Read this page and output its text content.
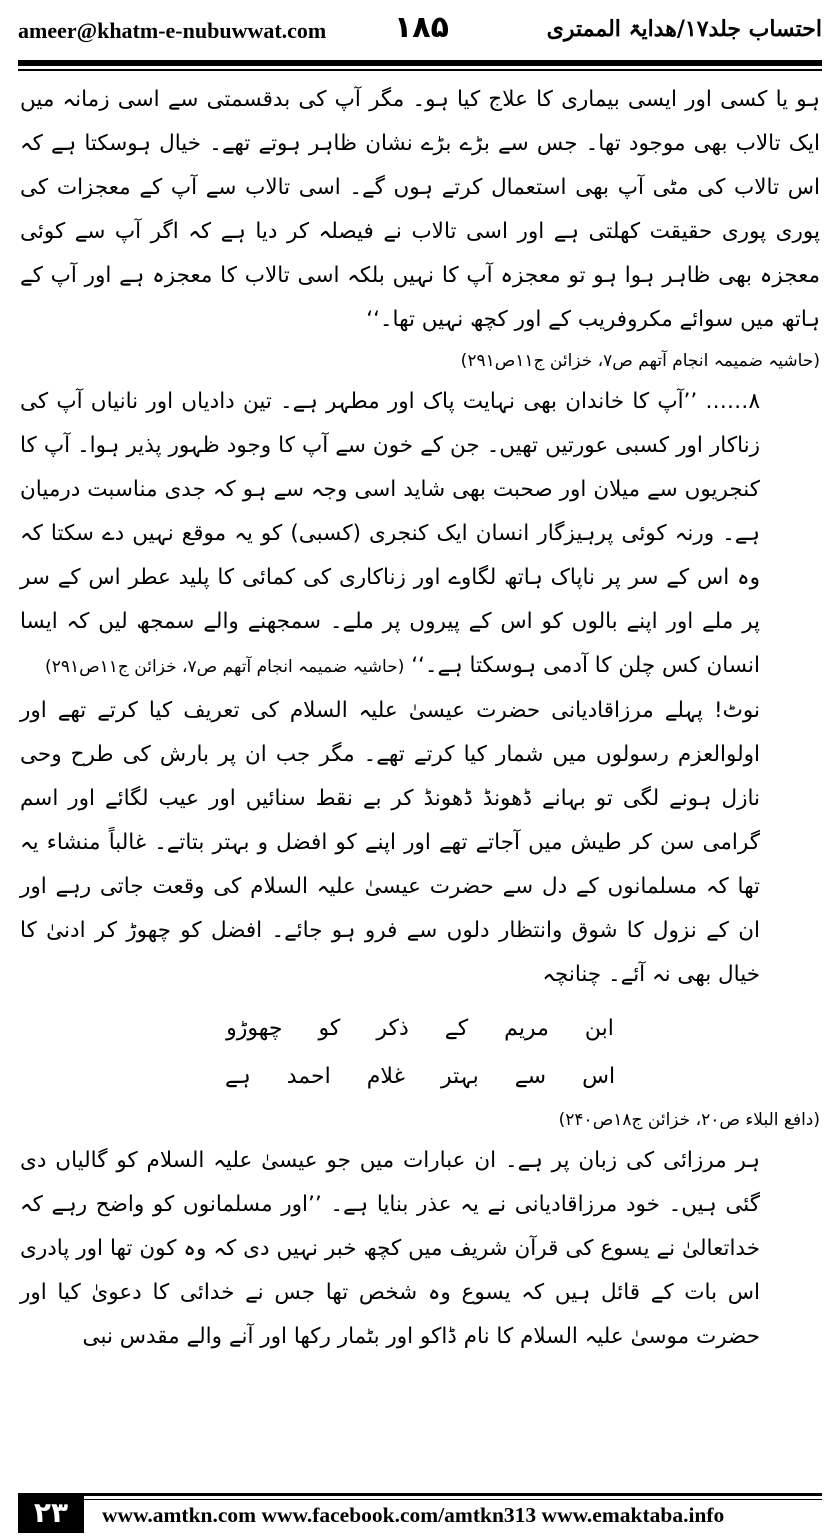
ameer@khatm-e-nubuwwat.com ۱۸۵	احتساب جلد۱۷/ھدایۃ الممتری

ہو یا کسی اور ایسی بیماری کا علاج کیا ہو۔ مگر آپ کی بدقسمتی سے اسی زمانہ میں ایک تالاب بھی موجود تھا۔ جس سے بڑے بڑے نشان ظاہر ہوتے تھے۔ خیال ہوسکتا ہے کہ اس تالاب کی مٹی آپ بھی استعمال کرتے ہوں گے۔ اسی تالاب سے آپ کے معجزات کی پوری پوری حقیقت کھلتی ہے اور اسی تالاب نے فیصلہ کر دیا ہے کہ اگر آپ سے کوئی معجزہ بھی ظاہر ہوا ہو تو معجزہ آپ کا نہیں بلکہ اسی تالاب کا معجزہ ہے اور آپ کے ہاتھ میں سوائے مکروفریب کے اور کچھ نہیں تھا۔‘‘

(حاشیہ ضمیمہ انجام آتھم ص۷، خزائن ج۱۱ص۲۹۱)

۸…… ’’آپ کا خاندان بھی نہایت پاک اور مطہر ہے۔ تین دادیاں اور نانیاں آپ کی زناکار اور کسبی عورتیں تھیں۔ جن کے خون سے آپ کا وجود ظہور پذیر ہوا۔ آپ کا کنجریوں سے میلان اور صحبت بھی شاید اسی وجہ سے ہو کہ جدی مناسبت درمیان ہے۔ ورنہ کوئی پرہیزگار انسان ایک کنجری (کسبی) کو یہ موقع نہیں دے سکتا کہ وہ اس کے سر پر ناپاک ہاتھ لگاوے اور زناکاری کی کمائی کا پلید عطر اس کے سر پر ملے اور اپنے بالوں کو اس کے پیروں پر ملے۔ سمجھنے والے سمجھ لیں کہ ایسا انسان کس چلن کا آدمی ہوسکتا ہے۔‘‘ (حاشیہ ضمیمہ انجام آتھم ص۷، خزائن ج۱۱ص۲۹۱)

نوٹ! پہلے مرزاقادیانی حضرت عیسیٰ علیہ السلام کی تعریف کیا کرتے تھے اور اولوالعزم رسولوں میں شمار کیا کرتے تھے۔ مگر جب ان پر بارش کی طرح وحی نازل ہونے لگی تو بہانے ڈھونڈ ڈھونڈ کر بے نقط سنائیں اور عیب لگائے اور اسم گرامی سن کر طیش میں آجاتے تھے اور اپنے کو افضل و بہتر بتاتے۔ غالباً منشاء یہ تھا کہ مسلمانوں کے دل سے حضرت عیسیٰ علیہ السلام کی وقعت جاتی رہے اور ان کے نزول کا شوق وانتظار دلوں سے فرو ہو جائے۔ افضل کو چھوڑ کر ادنیٰ کا خیال بھی نہ آئے۔ چنانچہ

ابن
مریم
کے
ذکر
کو
چھوڑو
اس
سے
بہتر
غلام
احمد
ہے

(دافع البلاء ص۲۰، خزائن ج۱۸ص۲۴۰)

ہر مرزائی کی زبان پر ہے۔ ان عبارات میں جو عیسیٰ علیہ السلام کو گالیاں دی گئی ہیں۔ خود مرزاقادیانی نے یہ عذر بنایا ہے۔ ’’اور مسلمانوں کو واضح رہے کہ خداتعالیٰ نے یسوع کی قرآن شریف میں کچھ خبر نہیں دی کہ وہ کون تھا اور پادری اس بات کے قائل ہیں کہ یسوع وہ شخص تھا جس نے خدائی کا دعویٰ کیا اور حضرت موسیٰ علیہ السلام کا نام ڈاکو اور بٹمار رکھا اور آنے والے مقدس نبی

۲۳	www.amtkn.com www.facebook.com/amtkn313 www.emaktaba.info
